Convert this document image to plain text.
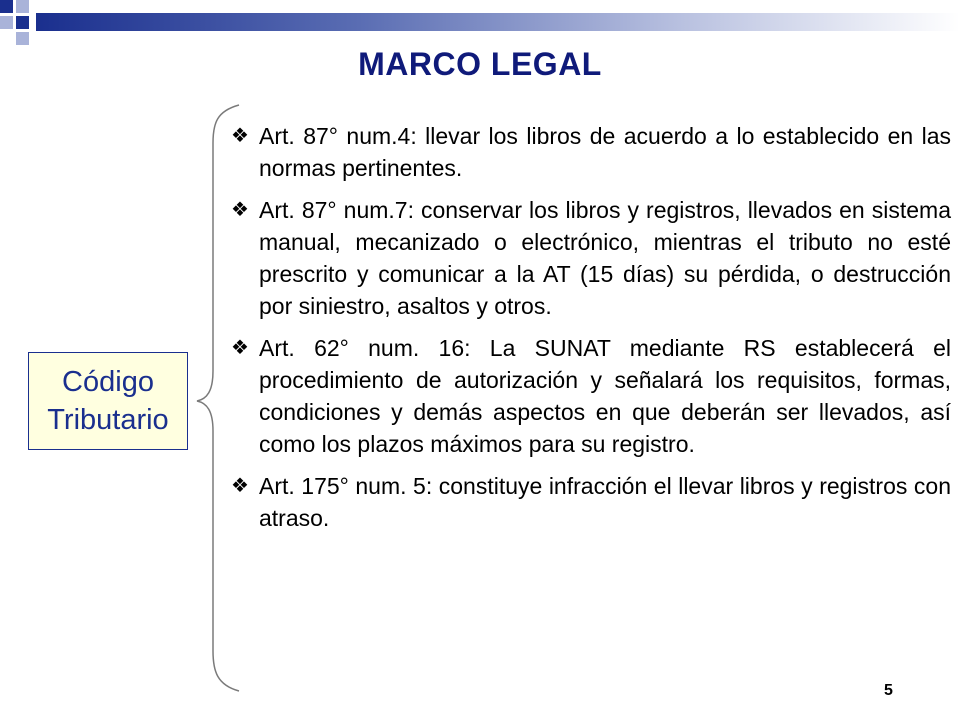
MARCO LEGAL
Código
Tributario
❖ Art. 87° num.4: llevar los libros de acuerdo a lo establecido en las normas pertinentes.
❖ Art. 87° num.7: conservar los libros y registros, llevados en sistema manual, mecanizado o electrónico, mientras el tributo no esté prescrito y comunicar a la AT (15 días) su pérdida, o destrucción por siniestro, asaltos y otros.
❖ Art. 62° num. 16: La SUNAT mediante RS establecerá el procedimiento de autorización y señalará los requisitos, formas, condiciones y demás aspectos en que deberán ser llevados, así como los plazos máximos para su registro.
❖ Art. 175° num. 5: constituye infracción el llevar libros y registros con atraso.
5
